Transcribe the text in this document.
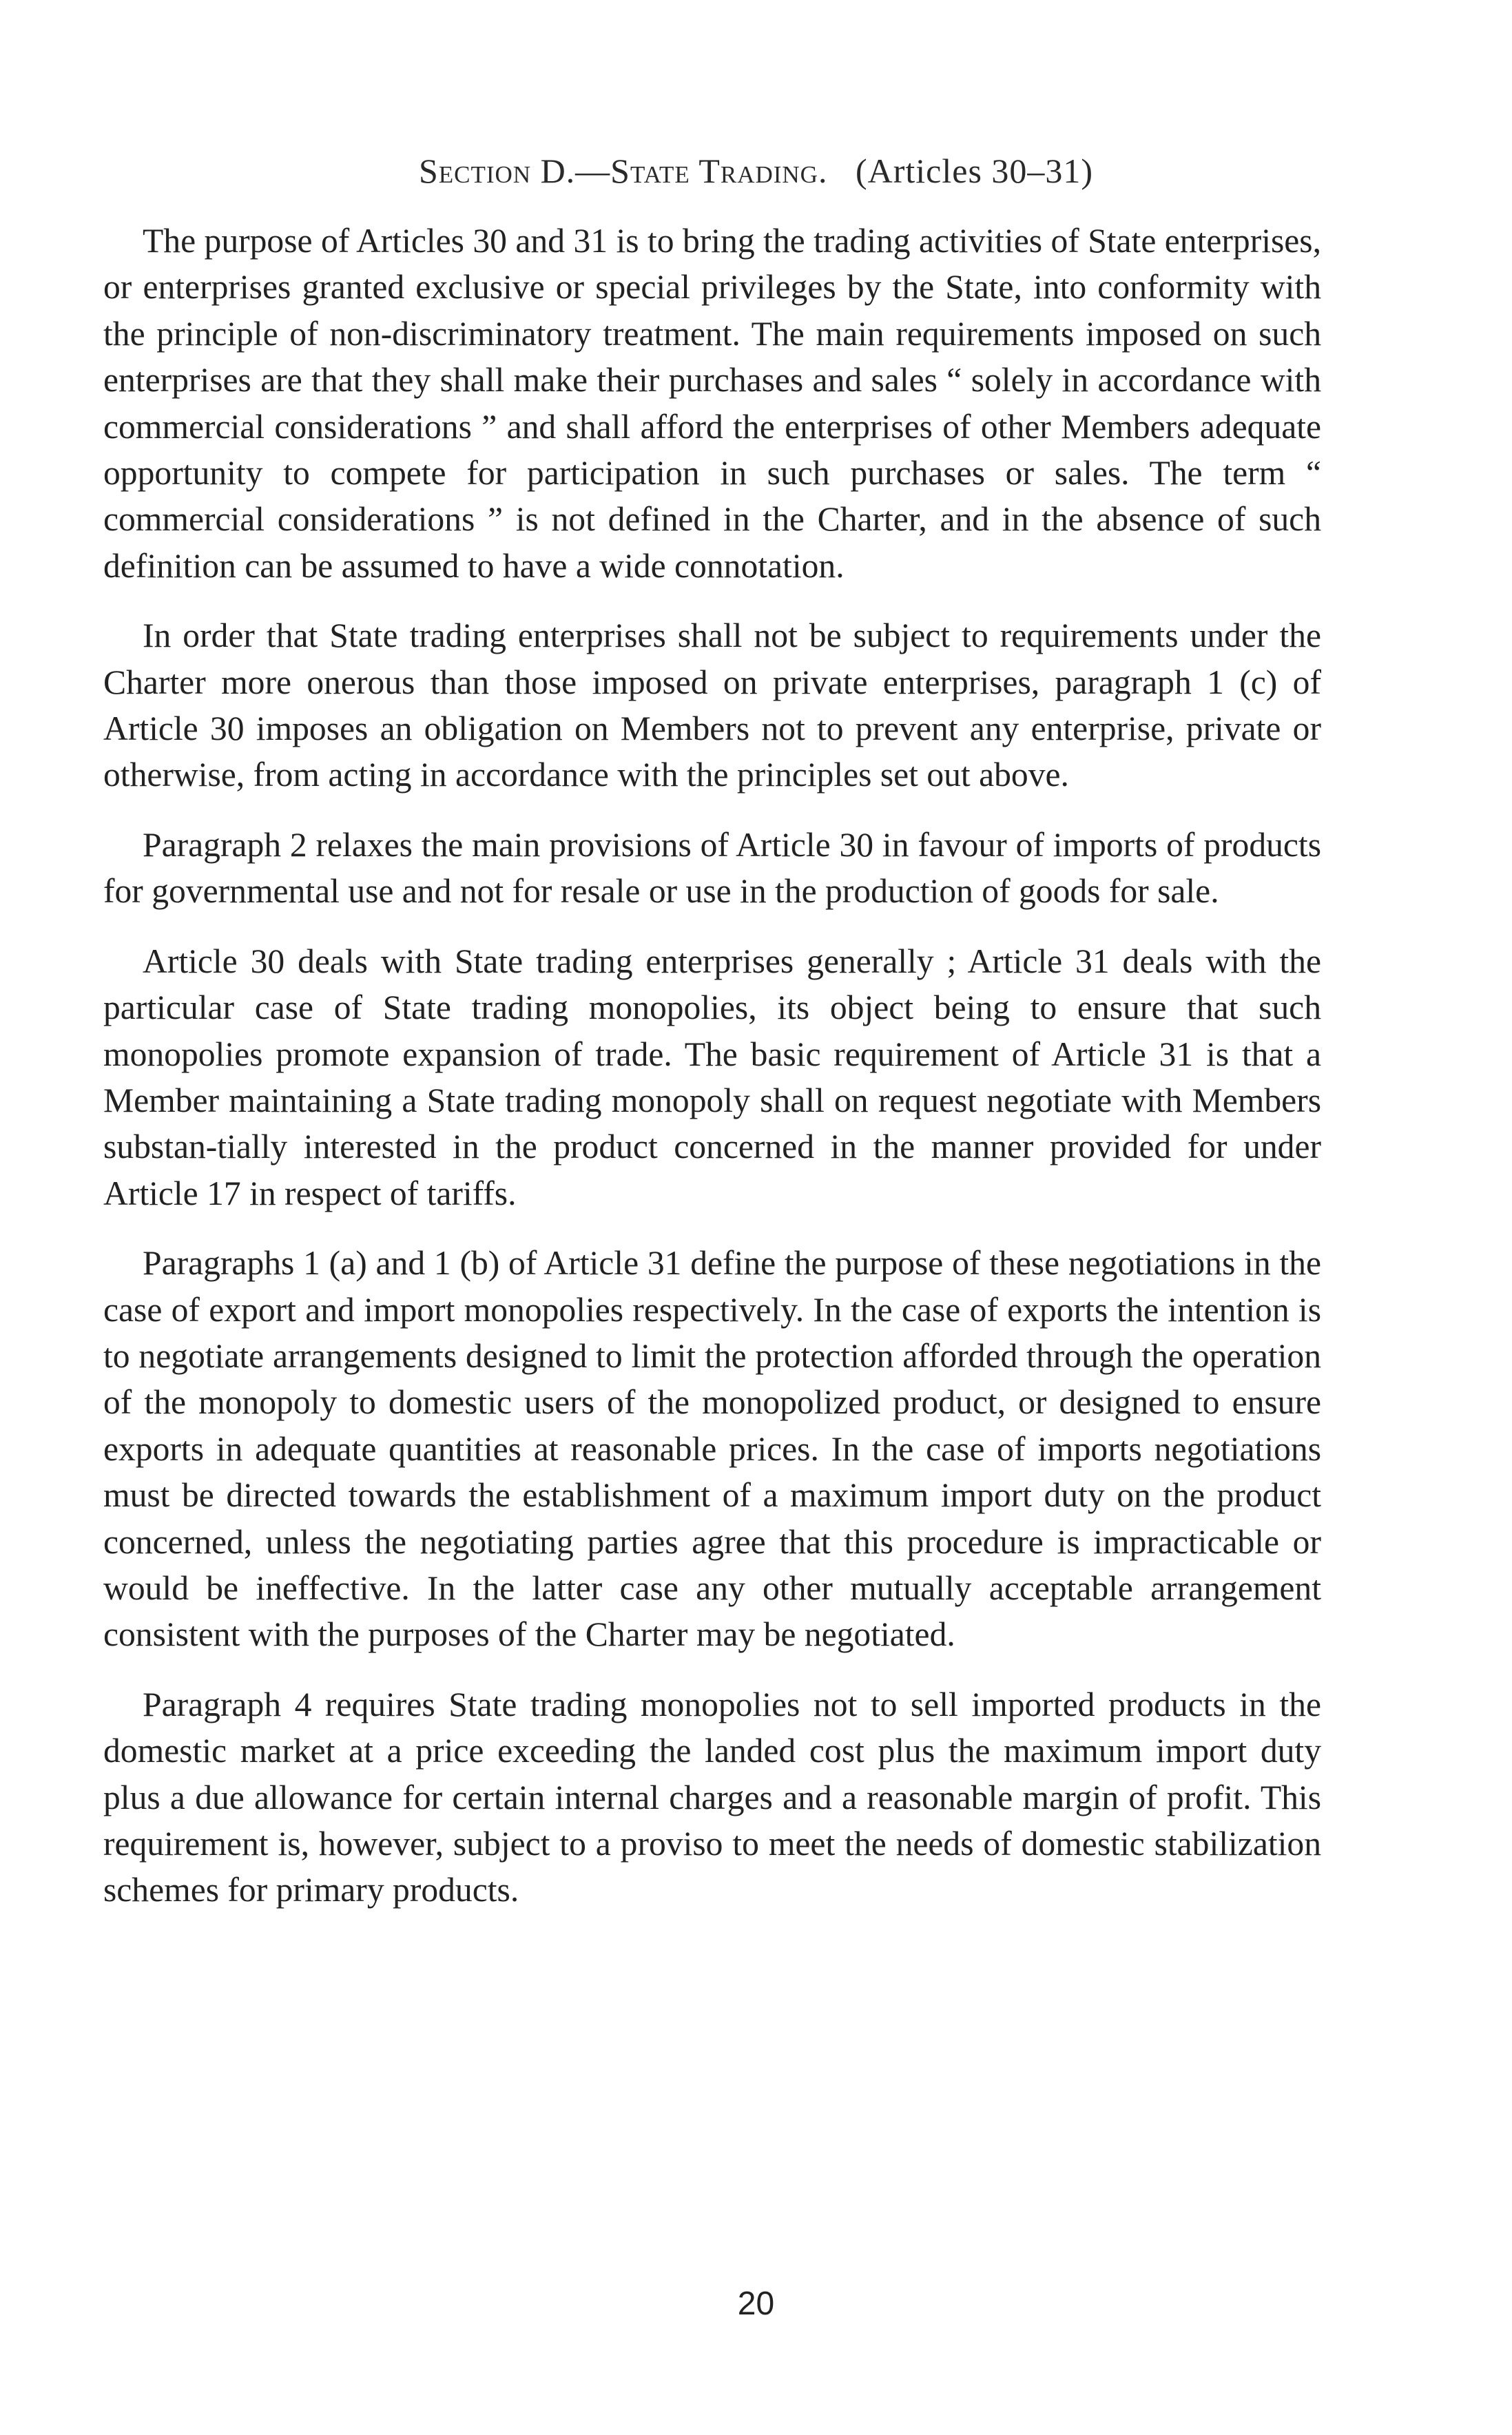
Section D.—State Trading. (Articles 30–31)

The purpose of Articles 30 and 31 is to bring the trading activities of State enterprises, or enterprises granted exclusive or special privileges by the State, into conformity with the principle of non-discriminatory treatment. The main requirements imposed on such enterprises are that they shall make their purchases and sales “ solely in accordance with commercial considerations ” and shall afford the enterprises of other Members adequate opportunity to compete for participation in such purchases or sales. The term “ commercial considerations ” is not defined in the Charter, and in the absence of such definition can be assumed to have a wide connotation.

In order that State trading enterprises shall not be subject to requirements under the Charter more onerous than those imposed on private enterprises, paragraph 1 (c) of Article 30 imposes an obligation on Members not to prevent any enterprise, private or otherwise, from acting in accordance with the principles set out above.

Paragraph 2 relaxes the main provisions of Article 30 in favour of imports of products for governmental use and not for resale or use in the production of goods for sale.

Article 30 deals with State trading enterprises generally ; Article 31 deals with the particular case of State trading monopolies, its object being to ensure that such monopolies promote expansion of trade. The basic requirement of Article 31 is that a Member maintaining a State trading monopoly shall on request negotiate with Members substan-tially interested in the product concerned in the manner provided for under Article 17 in respect of tariffs.

Paragraphs 1 (a) and 1 (b) of Article 31 define the purpose of these negotiations in the case of export and import monopolies respectively. In the case of exports the intention is to negotiate arrangements designed to limit the protection afforded through the operation of the monopoly to domestic users of the monopolized product, or designed to ensure exports in adequate quantities at reasonable prices. In the case of imports negotiations must be directed towards the establishment of a maximum import duty on the product concerned, unless the negotiating parties agree that this procedure is impracticable or would be ineffective. In the latter case any other mutually acceptable arrangement consistent with the purposes of the Charter may be negotiated.

Paragraph 4 requires State trading monopolies not to sell imported products in the domestic market at a price exceeding the landed cost plus the maximum import duty plus a due allowance for certain internal charges and a reasonable margin of profit. This requirement is, however, subject to a proviso to meet the needs of domestic stabilization schemes for primary products.

20
